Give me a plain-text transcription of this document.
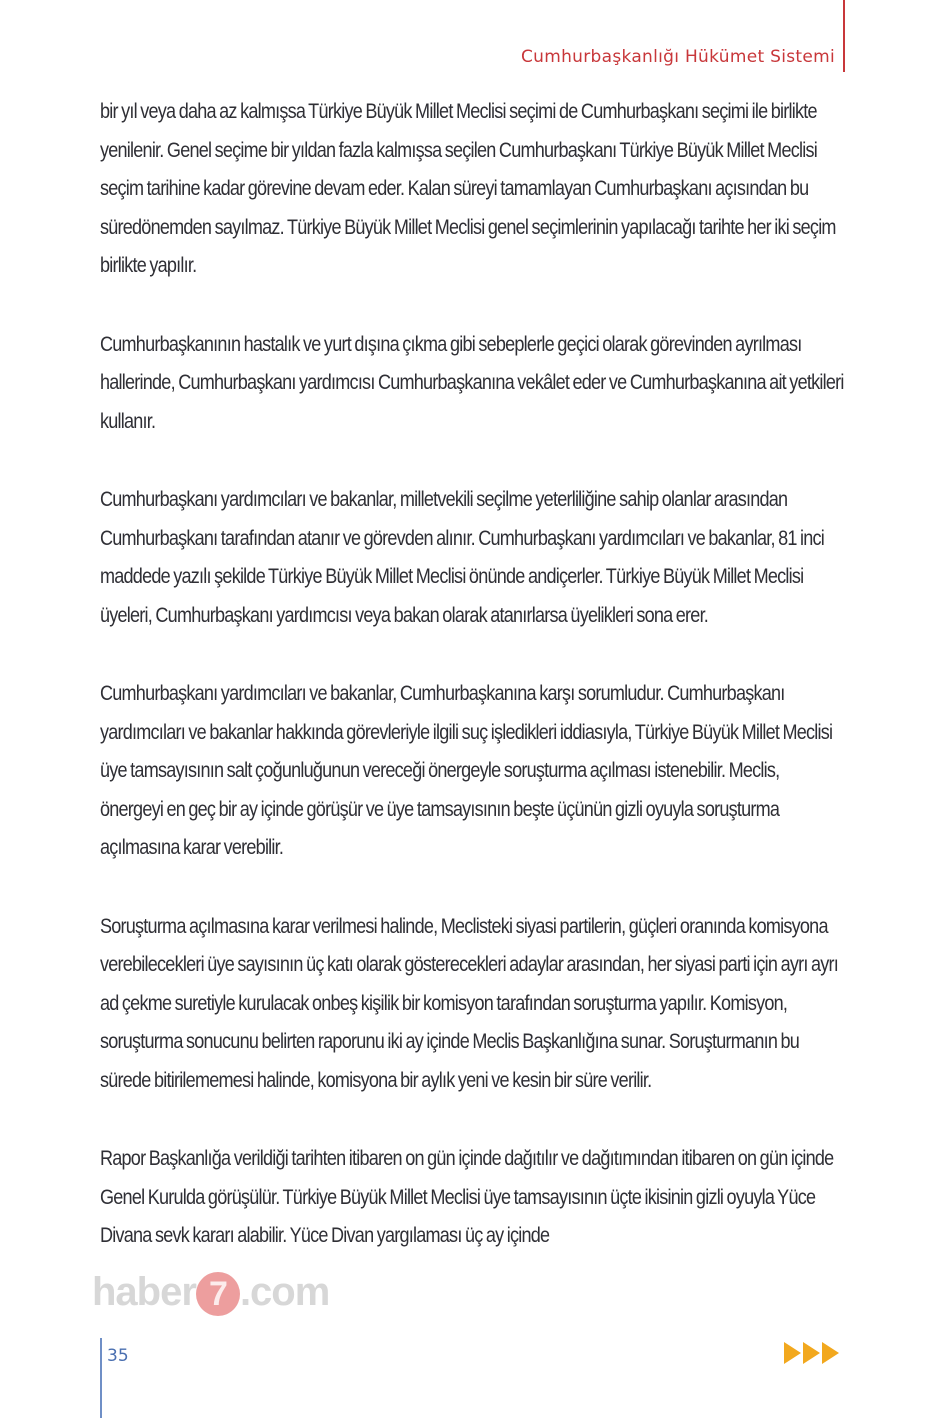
Cumhurbaşkanlığı Hükümet Sistemi

bir yıl veya daha az kalmışsa Türkiye Büyük Millet Meclisi seçimi de Cumhurbaşkanı seçimi ile birlikte yenilenir. Genel seçime bir yıldan fazla kalmışsa seçilen Cumhurbaşkanı Türkiye Büyük Millet Meclisi seçim tarihine kadar görevine devam eder. Kalan süreyi tamamlayan Cumhurbaşkanı açısından bu süredönemden sayılmaz. Türkiye Büyük Millet Meclisi genel seçimlerinin yapılacağı tarihte her iki seçim birlikte yapılır.

Cumhurbaşkanının hastalık ve yurt dışına çıkma gibi sebeplerle geçici olarak görevinden ayrılması hallerinde, Cumhurbaşkanı yardımcısı Cumhurbaşkanına vekâlet eder ve Cumhurbaşkanına ait yetkileri kullanır.

Cumhurbaşkanı yardımcıları ve bakanlar, milletvekili seçilme yeterliliğine sahip olanlar arasından Cumhurbaşkanı tarafından atanır ve görevden alınır. Cumhurbaşkanı yardımcıları ve bakanlar, 81 inci maddede yazılı şekilde Türkiye Büyük Millet Meclisi önünde andiçerler. Türkiye Büyük Millet Meclisi üyeleri, Cumhurbaşkanı yardımcısı veya bakan olarak atanırlarsa üyelikleri sona erer.

Cumhurbaşkanı yardımcıları ve bakanlar, Cumhurbaşkanına karşı sorumludur. Cumhurbaşkanı yardımcıları ve bakanlar hakkında görevleriyle ilgili suç işledikleri iddiasıyla, Türkiye Büyük Millet Meclisi üye tamsayısının salt çoğunluğunun vereceği önergeyle soruşturma açılması istenebilir. Meclis, önergeyi en geç bir ay içinde görüşür ve üye tamsayısının beşte üçünün gizli oyuyla soruşturma açılmasına karar verebilir.

Soruşturma açılmasına karar verilmesi halinde, Meclisteki siyasi partilerin, güçleri oranında komisyona verebilecekleri üye sayısının üç katı olarak gösterecekleri adaylar arasından, her siyasi parti için ayrı ayrı ad çekme suretiyle kurulacak onbeş kişilik bir komisyon tarafından soruşturma yapılır. Komisyon, soruşturma sonucunu belirten raporunu iki ay içinde Meclis Başkanlığına sunar. Soruşturmanın bu sürede bitirilememesi halinde, komisyona bir aylık yeni ve kesin bir süre verilir.

Rapor Başkanlığa verildiği tarihten itibaren on gün içinde dağıtılır ve dağıtımından itibaren on gün içinde Genel Kurulda görüşülür. Türkiye Büyük Millet Meclisi üye tamsayısının üçte ikisinin gizli oyuyla Yüce Divana sevk kararı alabilir. Yüce Divan yargılaması üç ay içinde

haber 7 .com
35
